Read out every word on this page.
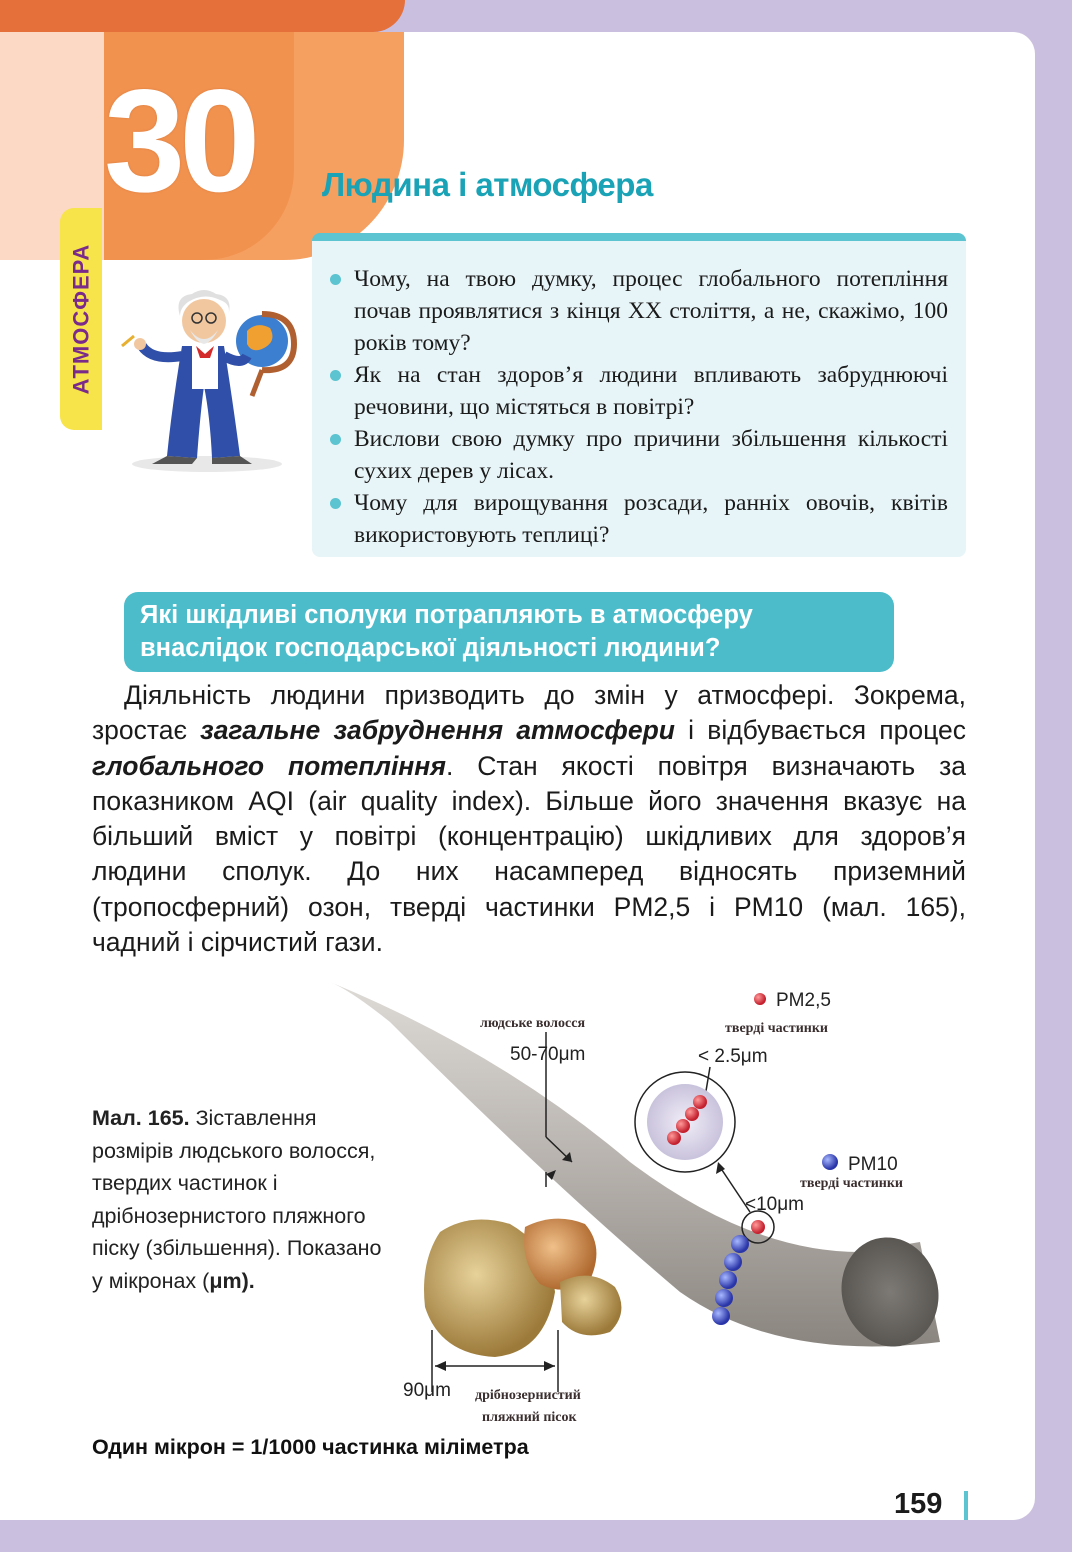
30
АТМОСФЕРА
Людина і атмосфера
Чому, на твою думку, процес глобального потепління почав проявлятися з кінця XX століття, а не, скажімо, 100 років тому?
Як на стан здоров’я людини впливають забруднюючі речовини, що містяться в повітрі?
Вислови свою думку про причини збільшення кількості сухих дерев у лісах.
Чому для вирощування розсади, ранніх овочів, квітів використовують теплиці?
Які шкідливі сполуки потрапляють в атмосферу
внаслідок господарської діяльності людини?

Діяльність людини призводить до змін у атмосфері. Зокрема, зростає загальне забруднення атмосфери і відбувається процес глобального потепління. Стан якості повітря визначають за показником AQI (air quality index). Більше його значення вказує на більший вміст у повітрі (концентрацію) шкідливих для здоров’я людини сполук. До них насамперед відносять приземний (тропосферний) озон, тверді частинки PM2,5 і PM10 (мал. 165), чадний і сірчистий гази.

людське волосся
50-70μm
PM2,5
тверді частинки
< 2.5μm
PM10
тверді частинки
<10μm
90μm дрібнозернистий
пляжний пісок
Мал. 165. Зіставлення розмірів людського волосся, твердих частинок і дрібнозернистого пляжного піску (збільшення). Показано у мікронах (μm).
Один мікрон = 1/1000 частинка міліметра
159
